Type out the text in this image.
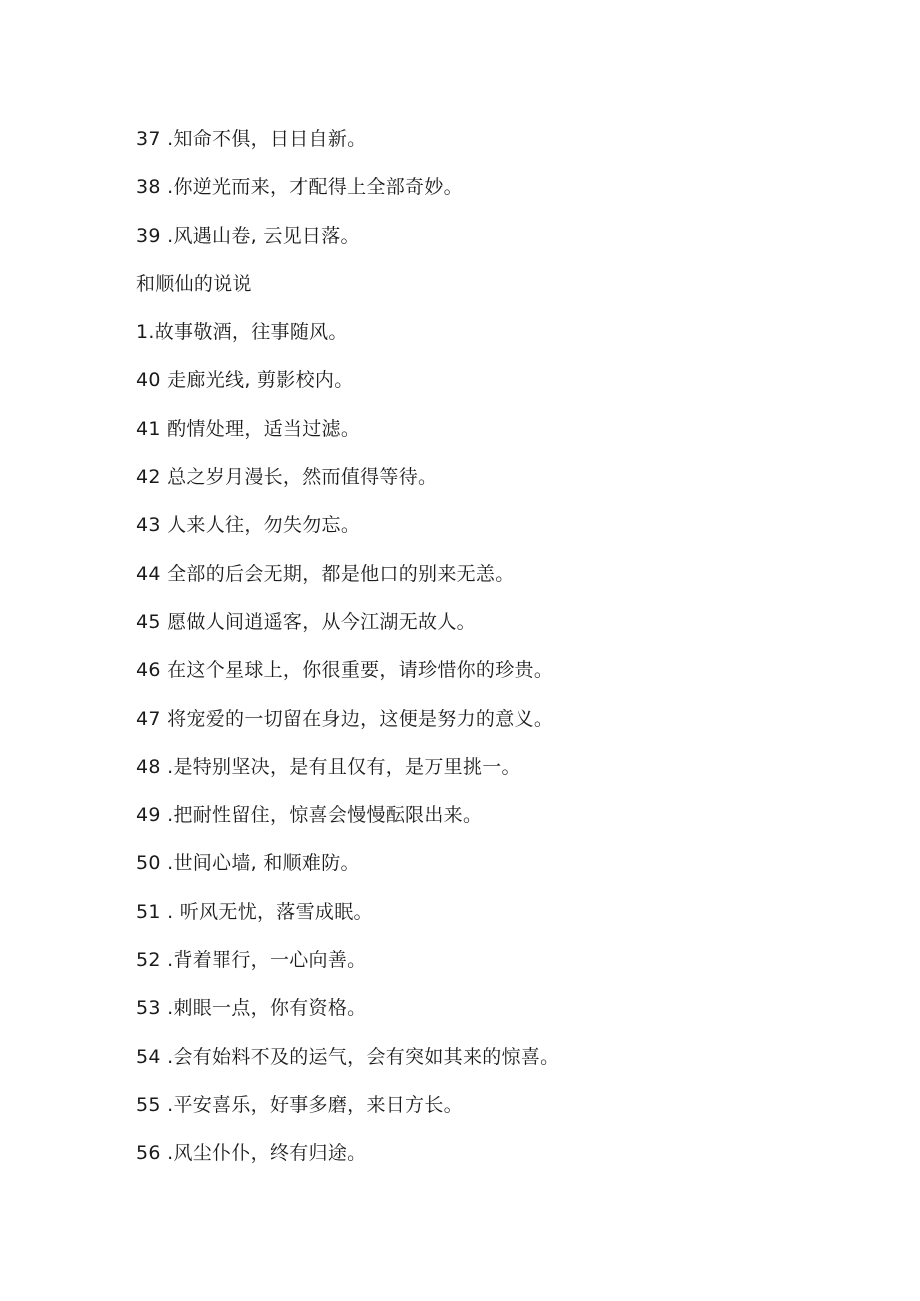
37 .知命不俱，日日自新。
38 .你逆光而来，才配得上全部奇妙。
39 .风遇山卷, 云见日落。
和顺仙的说说
1.故事敬酒，往事随风。
40 走廊光线, 剪影校内。
41 酌情处理，适当过滤。
42 总之岁月漫长，然而值得等待。
43 人来人往，勿失勿忘。
44 全部的后会无期，都是他口的别来无恙。
45 愿做人间逍遥客，从今江湖无故人。
46 在这个星球上，你很重要，请珍惜你的珍贵。
47 将宠爱的一切留在身边，这便是努力的意义。
48 .是特别坚决，是有且仅有，是万里挑一。
49 .把耐性留住，惊喜会慢慢酝限出来。
50 .世间心墙, 和顺难防。
51 . 听风无忧，落雪成眠。
52 .背着罪行，一心向善。
53 .刺眼一点，你有资格。
54 .会有始料不及的运气，会有突如其来的惊喜。
55 .平安喜乐，好事多磨，来日方长。
56 .风尘仆仆，终有归途。
